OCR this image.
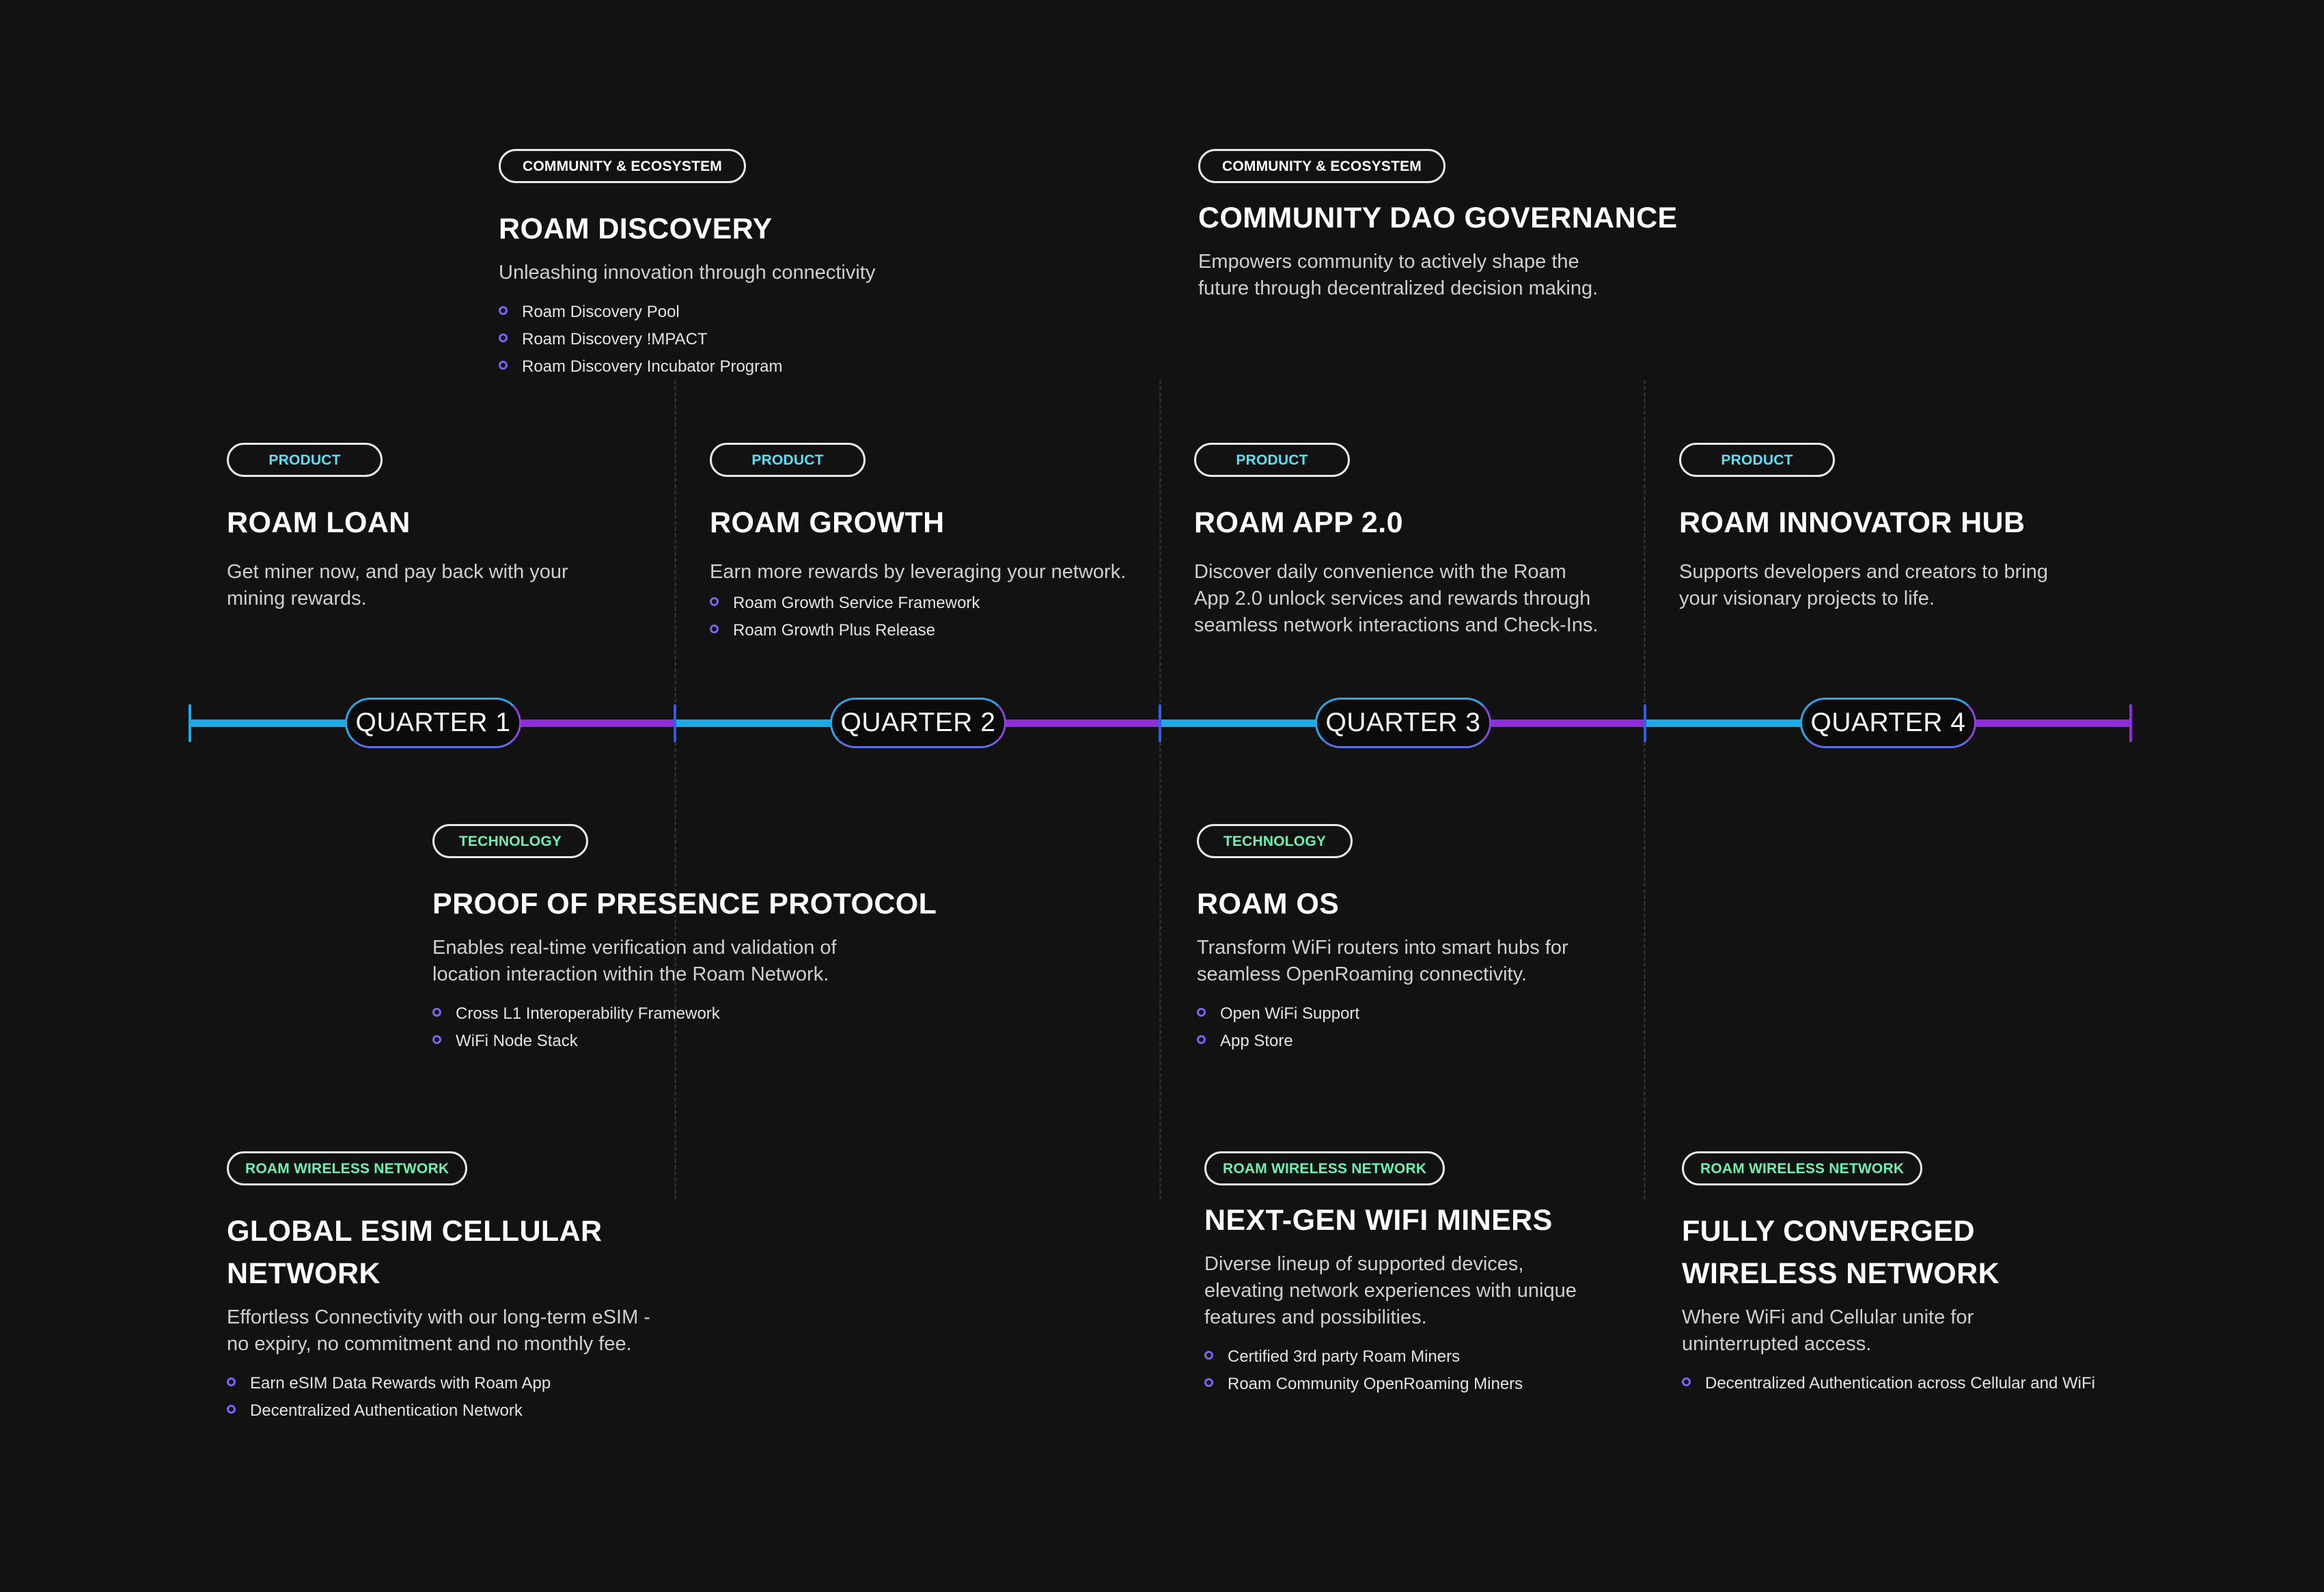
QUARTER 1	QUARTER 2	QUARTER 3	QUARTER 4
COMMUNITY & ECOSYSTEM
ROAM DISCOVERY
Unleashing innovation through connectivity
Roam Discovery Pool
Roam Discovery !MPACT
Roam Discovery Incubator Program
COMMUNITY & ECOSYSTEM
COMMUNITY DAO GOVERNANCE
Empowers community to actively shape the future through decentralized decision making.
PRODUCT
ROAM LOAN
Get miner now, and pay back with your mining rewards.
PRODUCT
ROAM GROWTH
Earn more rewards by leveraging your network.
Roam Growth Service Framework
Roam Growth Plus Release
PRODUCT
ROAM APP 2.0
Discover daily convenience with the Roam App 2.0 unlock services and rewards through seamless network interactions and Check-Ins.
PRODUCT
ROAM INNOVATOR HUB
Supports developers and creators to bring your visionary projects to life.
TECHNOLOGY
PROOF OF PRESENCE PROTOCOL
Enables real-time verification and validation of location interaction within the Roam Network.
Cross L1 Interoperability Framework
WiFi Node Stack
TECHNOLOGY
ROAM OS
Transform WiFi routers into smart hubs for seamless OpenRoaming connectivity.
Open WiFi Support
App Store
ROAM WIRELESS NETWORK
GLOBAL ESIM CELLULAR NETWORK
Effortless Connectivity with our long-term eSIM - no expiry, no commitment and no monthly fee.
Earn eSIM Data Rewards with Roam App
Decentralized Authentication Network
ROAM WIRELESS NETWORK
NEXT-GEN WIFI MINERS
Diverse lineup of supported devices, elevating network experiences with unique features and possibilities.
Certified 3rd party Roam Miners
Roam Community OpenRoaming Miners
ROAM WIRELESS NETWORK
FULLY CONVERGED WIRELESS NETWORK
Where WiFi and Cellular unite for uninterrupted access.
Decentralized Authentication across Cellular and WiFi
